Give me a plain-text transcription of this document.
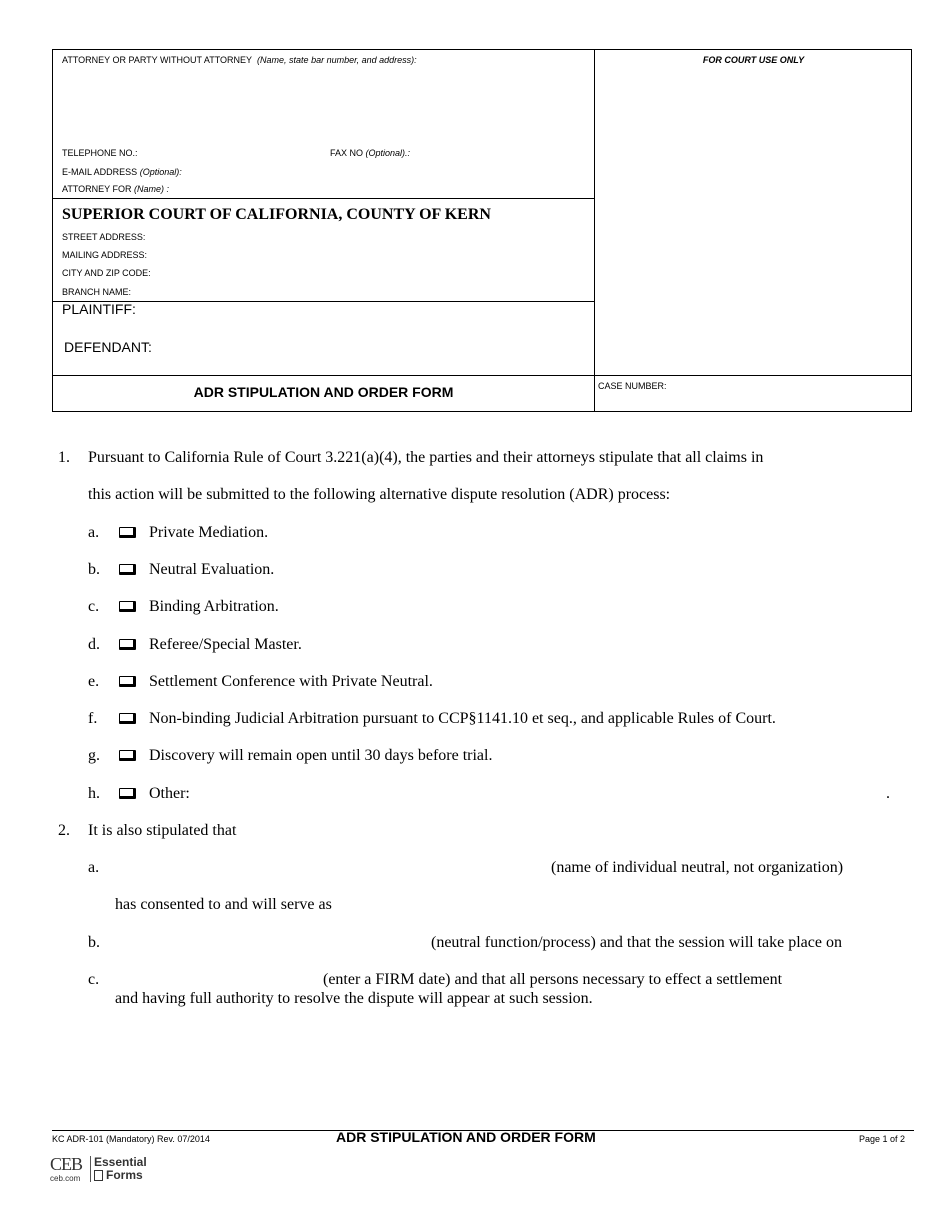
ATTORNEY OR PARTY WITHOUT ATTORNEY (Name, state bar number, and address):	FOR COURT USE ONLY
TELEPHONE NO.:	FAX NO (Optional).:
E-MAIL ADDRESS (Optional):
ATTORNEY FOR (Name) :
SUPERIOR COURT OF CALIFORNIA, COUNTY OF KERN
STREET ADDRESS:
MAILING ADDRESS:
CITY AND ZIP CODE:
BRANCH NAME:
PLAINTIFF:
DEFENDANT:
ADR STIPULATION AND ORDER FORM	CASE NUMBER:
1. Pursuant to California Rule of Court 3.221(a)(4), the parties and their attorneys stipulate that all claims in
this action will be submitted to the following alternative dispute resolution (ADR) process:
a.	Private Mediation.
b.	Neutral Evaluation.
c.	Binding Arbitration.
d.	Referee/Special Master.
e.	Settlement Conference with Private Neutral.
f.	Non-binding Judicial Arbitration pursuant to CCP§1141.10 et seq., and applicable Rules of Court.
g.	Discovery will remain open until 30 days before trial.
h.	Other:	.
2. It is also stipulated that
a.	(name of individual neutral, not organization)
has consented to and will serve as
b.	(neutral function/process) and that the session will take place on
c.	(enter a FIRM date) and that all persons necessary to effect a settlement
and having full authority to resolve the dispute will appear at such session.
KC ADR-101 (Mandatory) Rev. 07/2014	ADR STIPULATION AND ORDER FORM	Page 1 of 2
CEB
ceb.com
Essential
Forms
